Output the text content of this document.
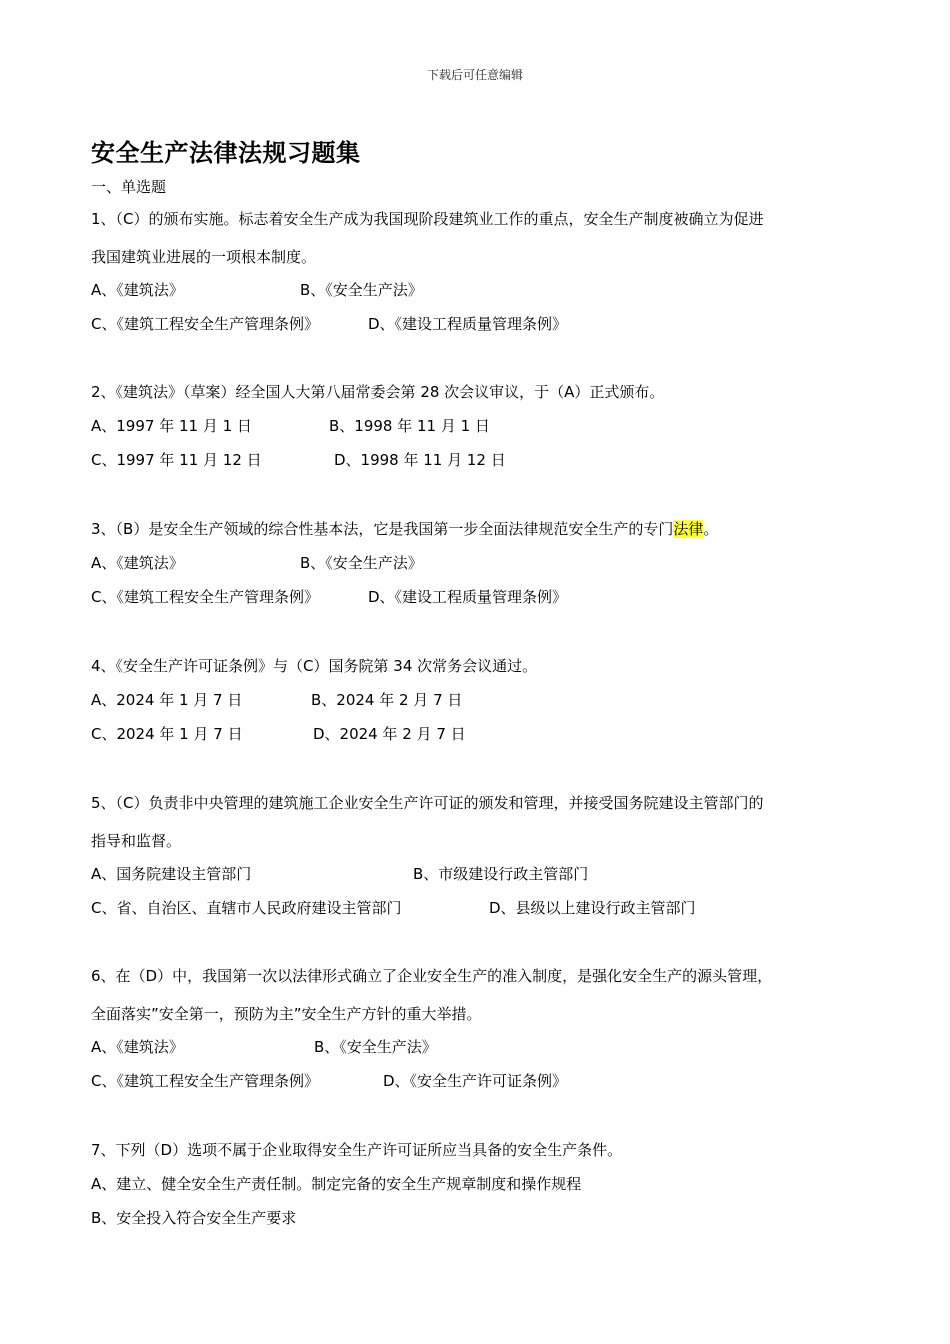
下载后可任意编辑
安全生产法律法规习题集
一、单选题
1、（C）的颁布实施。标志着安全生产成为我国现阶段建筑业工作的重点，安全生产制度被确立为促进
我国建筑业进展的一项根本制度。
A、《建筑法》	B、《安全生产法》
C、《建筑工程安全生产管理条例》	D、《建设工程质量管理条例》
2、《建筑法》（草案）经全国人大第八届常委会第 28 次会议审议，于（A）正式颁布。
A、1997 年 11 月 1 日	B、1998 年 11 月 1 日
C、1997 年 11 月 12 日	D、1998 年 11 月 12 日
3、（B）是安全生产领域的综合性基本法，它是我国第一步全面法律规范安全生产的专门法律。
A、《建筑法》	B、《安全生产法》
C、《建筑工程安全生产管理条例》	D、《建设工程质量管理条例》
4、《安全生产许可证条例》与（C）国务院第 34 次常务会议通过。
A、2024 年 1 月 7 日	B、2024 年 2 月 7 日
C、2024 年 1 月 7 日	D、2024 年 2 月 7 日
5、（C）负责非中央管理的建筑施工企业安全生产许可证的颁发和管理，并接受国务院建设主管部门的
指导和监督。
A、国务院建设主管部门	B、市级建设行政主管部门
C、省、自治区、直辖市人民政府建设主管部门	D、县级以上建设行政主管部门
6、在（D）中，我国第一次以法律形式确立了企业安全生产的准入制度，是强化安全生产的源头管理，
全面落实”安全第一，预防为主”安全生产方针的重大举措。
A、《建筑法》	B、《安全生产法》
C、《建筑工程安全生产管理条例》	D、《安全生产许可证条例》
7、下列（D）选项不属于企业取得安全生产许可证所应当具备的安全生产条件。
A、建立、健全安全生产责任制。制定完备的安全生产规章制度和操作规程
B、安全投入符合安全生产要求
